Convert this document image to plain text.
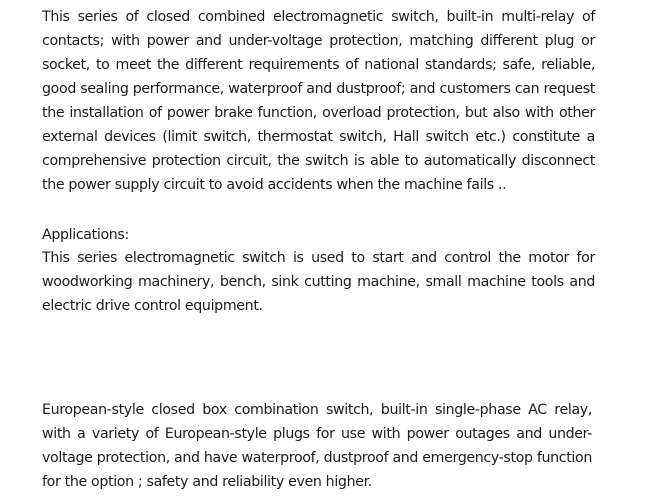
This series of closed combined electromagnetic switch, built-in multi-relay of contacts; with power and under-voltage protection, matching different plug or socket, to meet the different requirements of national standards; safe, reliable, good sealing performance, waterproof and dustproof; and customers can request the installation of power brake function, overload protection, but also with other external devices (limit switch, thermostat switch, Hall switch etc.) constitute a comprehensive protection circuit, the switch is able to automatically disconnect the power supply circuit to avoid accidents when the machine fails ..

Applications:

This series electromagnetic switch is used to start and control the motor for woodworking machinery, bench, sink cutting machine, small machine tools and electric drive control equipment.

European-style closed box combination switch, built-in single-phase AC relay, with a variety of European-style plugs for use with power outages and under-voltage protection, and have waterproof, dustproof and emergency-stop function for the option ; safety and reliability even higher.
